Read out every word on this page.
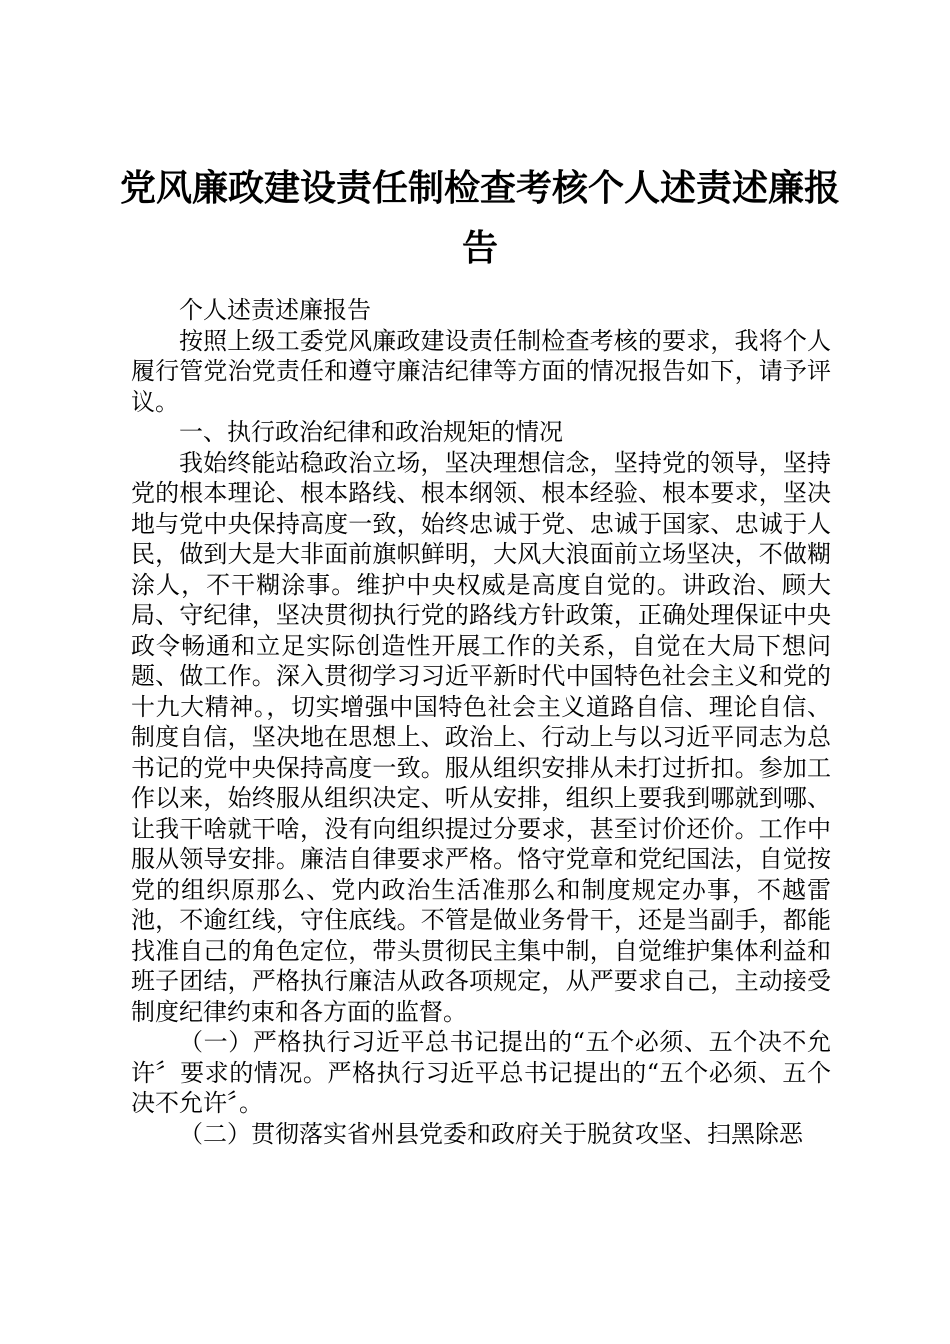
党风廉政建设责任制检查考核个人述责述廉报告

个人述责述廉报告

按照上级工委党风廉政建设责任制检查考核的要求，我将个人履行管党治党责任和遵守廉洁纪律等方面的情况报告如下，请予评议。

一、执行政治纪律和政治规矩的情况

我始终能站稳政治立场，坚决理想信念，坚持党的领导，坚持党的根本理论、根本路线、根本纲领、根本经验、根本要求，坚决地与党中央保持高度一致，始终忠诚于党、忠诚于国家、忠诚于人民，做到大是大非面前旗帜鲜明，大风大浪面前立场坚决，不做糊涂人，不干糊涂事。维护中央权威是高度自觉的。讲政治、顾大局、守纪律，坚决贯彻执行党的路线方针政策，正确处理保证中央政令畅通和立足实际创造性开展工作的关系，自觉在大局下想问题、做工作。深入贯彻学习习近平新时代中国特色社会主义和党的十九大精神。，切实增强中国特色社会主义道路自信、理论自信、制度自信，坚决地在思想上、政治上、行动上与以习近平同志为总书记的党中央保持高度一致。服从组织安排从未打过折扣。参加工作以来，始终服从组织决定、听从安排，组织上要我到哪就到哪、让我干啥就干啥，没有向组织提过分要求，甚至讨价还价。工作中服从领导安排。廉洁自律要求严格。恪守党章和党纪国法，自觉按党的组织原那么、党内政治生活准那么和制度规定办事，不越雷池，不逾红线，守住底线。不管是做业务骨干，还是当副手，都能找准自己的角色定位，带头贯彻民主集中制，自觉维护集体利益和班子团结，严格执行廉洁从政各项规定，从严要求自己，主动接受制度纪律约束和各方面的监督。

（一）严格执行习近平总书记提出的“五个必须、五个决不允许〞要求的情况。严格执行习近平总书记提出的“五个必须、五个决不允许〞。

（二）贯彻落实省州县党委和政府关于脱贫攻坚、扫黑除恶
